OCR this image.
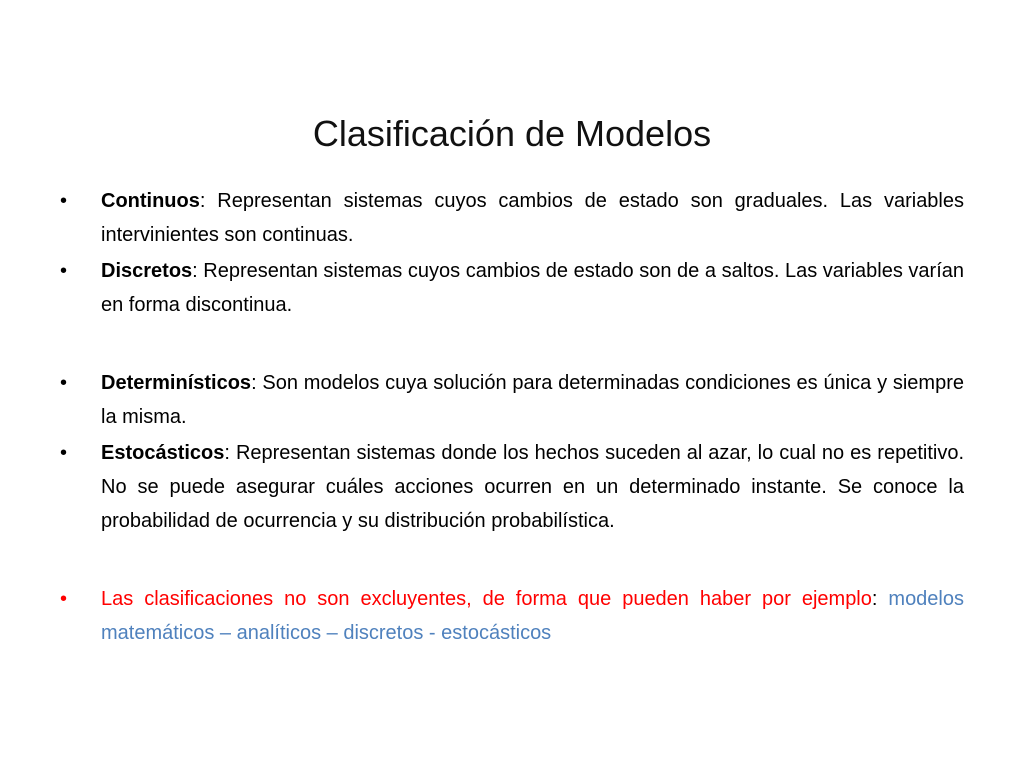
Clasificación de Modelos
•	Continuos: Representan sistemas cuyos cambios de estado son graduales. Las variables intervinientes son continuas.
•	Discretos: Representan sistemas cuyos cambios de estado son de a saltos. Las variables varían en forma discontinua.
•	Determinísticos: Son modelos cuya solución para determinadas condiciones es única y siempre la misma.
•	Estocásticos: Representan sistemas donde los hechos suceden al azar, lo cual no es repetitivo. No se puede asegurar cuáles acciones ocurren en un determinado instante. Se conoce la probabilidad de ocurrencia y su distribución probabilística.
•	Las clasificaciones no son excluyentes, de forma que pueden haber por ejemplo: modelos matemáticos – analíticos – discretos - estocásticos
